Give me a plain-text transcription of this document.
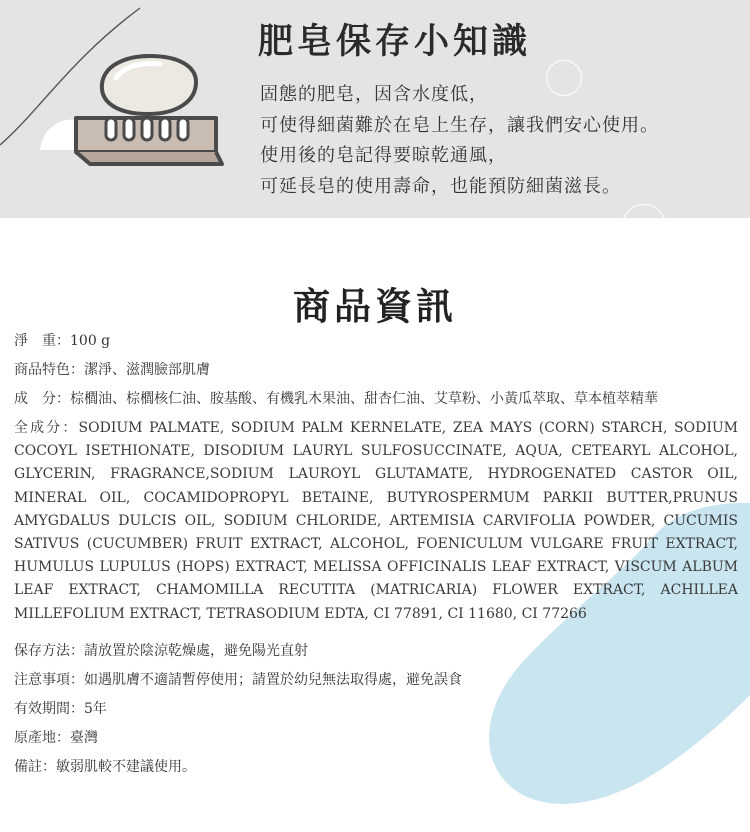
肥皂保存小知識
固態的肥皂，因含水度低，
可使得細菌難於在皂上生存，讓我們安心使用。
使用後的皂記得要晾乾通風，
可延長皂的使用壽命，也能預防細菌滋長。
商品資訊
淨　重：100 g
商品特色：潔淨、滋潤臉部肌膚
成　分：棕櫚油、棕櫚核仁油、胺基酸、有機乳木果油、甜杏仁油、艾草粉、小黃瓜萃取、草本植萃精華
全成分：SODIUM PALMATE, SODIUM PALM KERNELATE, ZEA MAYS (CORN) STARCH, SODIUM COCOYL ISETHIONATE, DISODIUM LAURYL SULFOSUCCINATE, AQUA, CETEARYL ALCOHOL, GLYCERIN, FRAGRANCE,SODIUM LAUROYL GLUTAMATE, HYDROGENATED CASTOR OIL, MINERAL OIL, COCAMIDOPROPYL BETAINE, BUTYROSPERMUM PARKII BUTTER,PRUNUS AMYGDALUS DULCIS OIL, SODIUM CHLORIDE, ARTEMISIA CARVIFOLIA POWDER, CUCUMIS SATIVUS (CUCUMBER) FRUIT EXTRACT, ALCOHOL, FOENICULUM VULGARE FRUIT EXTRACT, HUMULUS LUPULUS (HOPS) EXTRACT, MELISSA OFFICINALIS LEAF EXTRACT, VISCUM ALBUM LEAF EXTRACT, CHAMOMILLA RECUTITA (MATRICARIA) FLOWER EXTRACT, ACHILLEA MILLEFOLIUM EXTRACT, TETRASODIUM EDTA, CI 77891, CI 11680, CI 77266
保存方法：請放置於陰涼乾燥處，避免陽光直射
注意事項：如遇肌膚不適請暫停使用；請置於幼兒無法取得處，避免誤食
有效期間：5年
原產地：臺灣
備註：敏弱肌較不建議使用。
